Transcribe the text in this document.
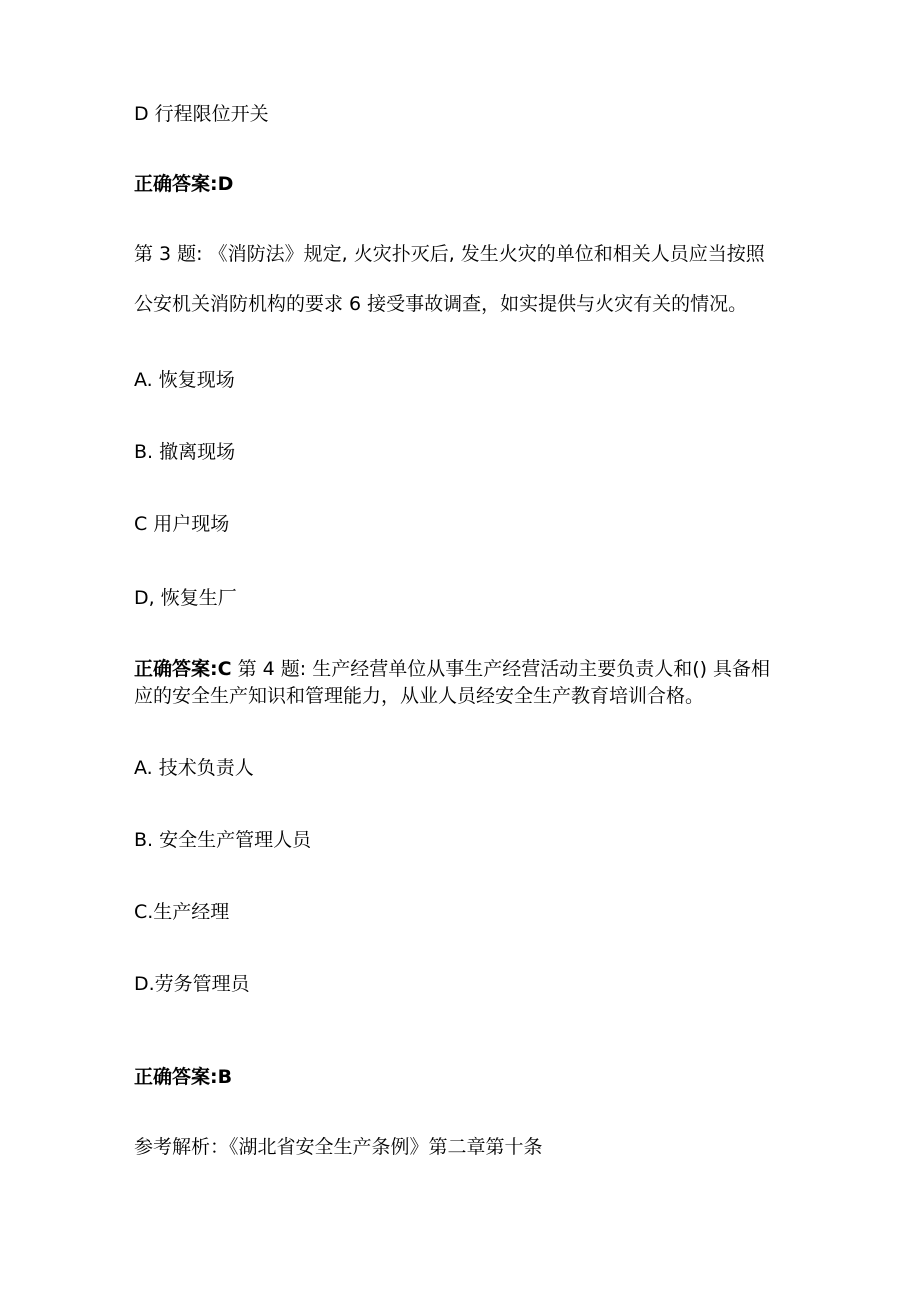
D 行程限位开关

正确答案:D

第 3 题: 《消防法》规定, 火灾扑灭后, 发生火灾的单位和相关人员应当按照

公安机关消防机构的要求 6 接受事故调查，如实提供与火灾有关的情况。

A. 恢复现场

B. 撤离现场

C 用户现场

D, 恢复生厂

正确答案:C 第 4 题: 生产经营单位从事生产经营活动主要负责人和() 具备相

应的安全生产知识和管理能力，从业人员经安全生产教育培训合格。

A. 技术负责人

B. 安全生产管理人员

C.生产经理

D.劳务管理员

正确答案:B

参考解析：《湖北省安全生产条例》第二章第十条
